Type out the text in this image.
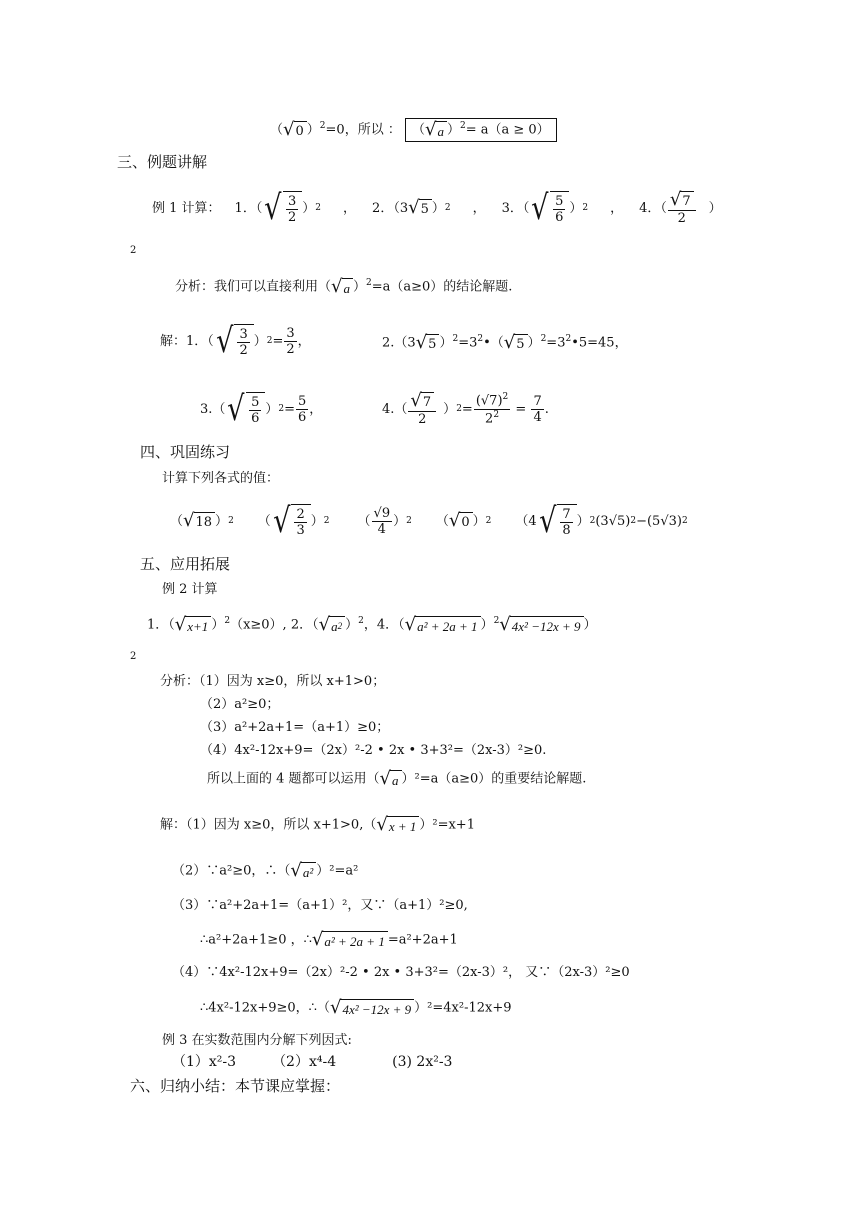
（ √ 0 ）$^2$=0，所以 ： （ √ a ）$^2$= a（a ≥ 0）
三、例题讲解
例 1 计算： 1．（ √ $\frac{3}{2}$ ） 2 ， 2．（3 √ 5 ） 2 ， 3．（ √ $\frac{5}{6}$ ） 2 ， 4．（ $\frac{√ 7}{2}$ ）
2
分析：我们可以直接利用（ √ a ）$^2$=a（a≥0）的结论解题.
解：1．（ √ $\frac{3}{2}$ ） $2 = \frac{3}{2}$ ，	2.（3 √ 5 ）$^2=3^2•$（ √ 5 ）$^2=3^2•5=45$，
3.（ √ $\frac{5}{6}$ ） $2 = \frac{5}{6}$ ，	$4.( \frac{√ 7}{2}$ ） $2 = \frac{(√7)^2}{2^2} = \frac{7}{4}$ .
四、巩固练习
计算下列各式的值：
（ √ 18 ） 2 （ √ $\frac{2}{3}$ ） 2 （ $\frac{√9}{4}$ ） 2 （ √ 0 ） 2 （4 √ $\frac{7}{8}$ ） 2 (3√5) 2 −(5√3) 2
五、应用拓展
例 2 计算
1．（ √ x+1 ）$^2$（x≥0）, 2．（ √ a 2 ）$^2$，4．（ √ a² + 2a + 1 ）$^2$ √ 4x² −12x + 9 ）
2
分析：（1）因为 x≥0，所以 x+1>0；
（2）a²≥0；
（3）a²+2a+1=（a+1）≥0；
（4）4x²-12x+9=（2x）²-2 • 2x • 3+3²=（2x-3）²≥0.
所以上面的 4 题都可以运用（ √ a ）²=a（a≥0）的重要结论解题.
解：（1）因为 x≥0，所以 x+1>0,（ √ x + 1 ）²=x+1
（2）∵a²≥0，∴（ √ a² ）²=a²
（3）∵a²+2a+1=（a+1）²，又∵（a+1）²≥0,
∴a²+2a+1≥0 ，∴ √ a² + 2a + 1 =a²+2a+1
（4）∵4x²-12x+9=（2x）²-2 • 2x • 3+3²=（2x-3）²， 又∵（2x-3）²≥0
∴4x²-12x+9≥0，∴（ √ 4x² −12x + 9 ）²=4x²-12x+9
例 3 在实数范围内分解下列因式:
（1）x²-3	（2）x⁴-4	(3) 2x²-3
六、归纳小结：本节课应掌握：
